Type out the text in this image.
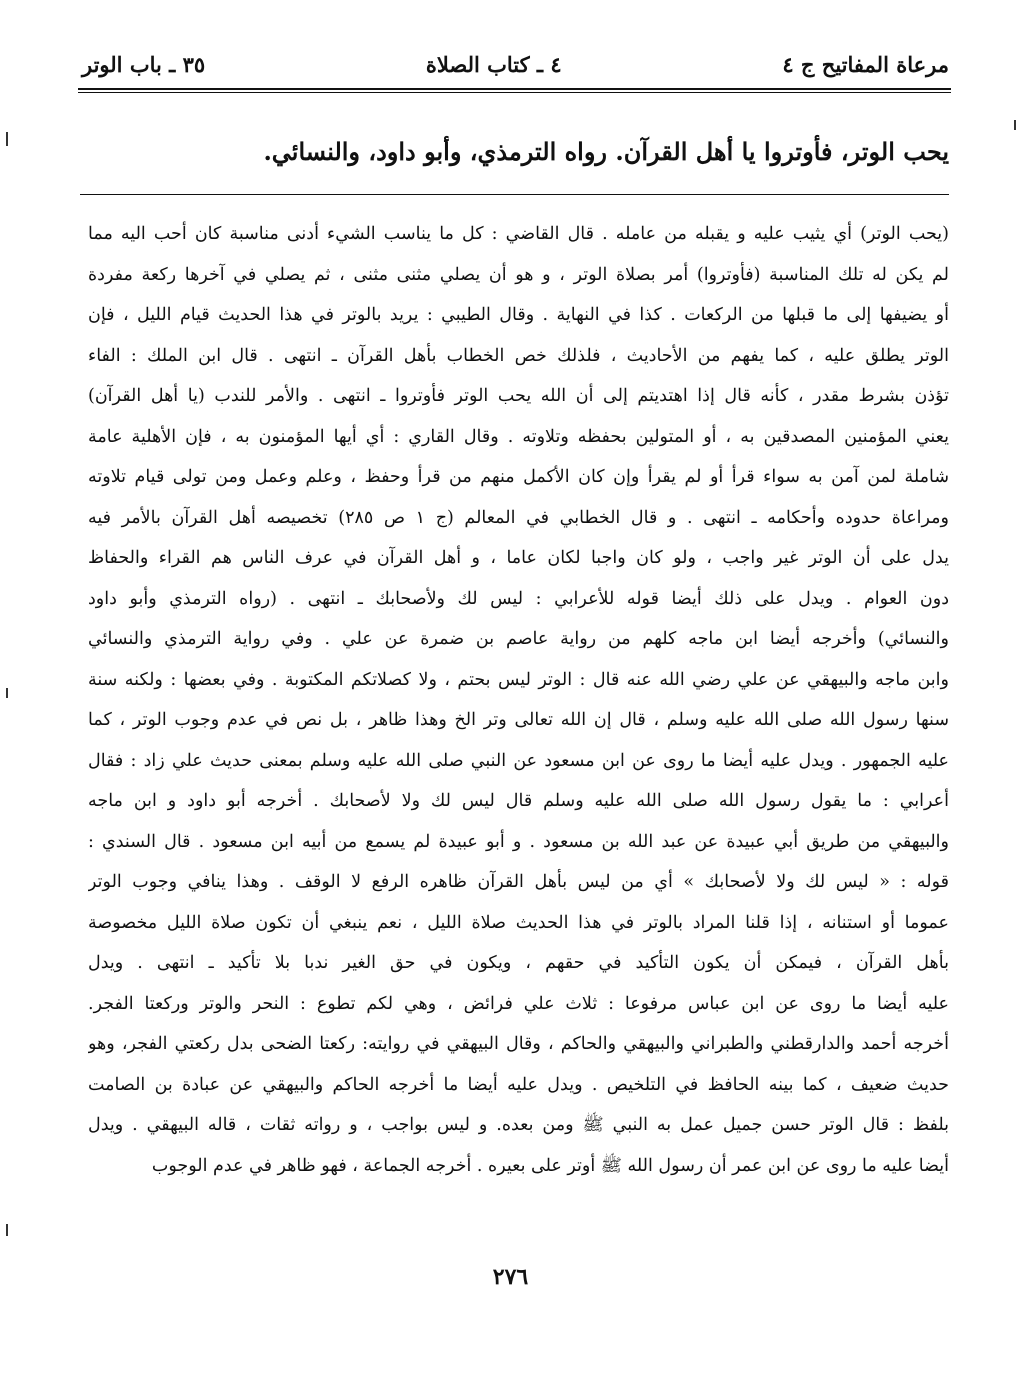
مرعاة المفاتيح ج ٤
٤ ـ كتاب الصلاة
٣٥ ـ باب الوتر
يحب الوتر، فأوتروا يا أهل القرآن. رواه الترمذي، وأبو داود، والنسائي.
(يحب الوتر) أي يثيب عليه و يقبله من عامله . قال القاضي : كل ما يناسب الشيء أدنى مناسبة كان أحب اليه مما
لم يكن له تلك المناسبة (فأوتروا) أمر بصلاة الوتر ، و هو أن يصلي مثنى مثنى ، ثم يصلي في آخرها ركعة مفردة
أو يضيفها إلى ما قبلها من الركعات . كذا في النهاية . وقال الطيبي : يريد بالوتر في هذا الحديث قيام الليل ، فإن
الوتر يطلق عليه ، كما يفهم من الأحاديث ، فلذلك خص الخطاب بأهل القرآن ـ انتهى . قال ابن الملك : الفاء
تؤذن بشرط مقدر ، كأنه قال إذا اهتديتم إلى أن الله يحب الوتر فأوتروا ـ انتهى . والأمر للندب (يا أهل القرآن)
يعني المؤمنين المصدقين به ، أو المتولين بحفظه وتلاوته . وقال القاري : أي أيها المؤمنون به ، فإن الأهلية عامة
شاملة لمن آمن به سواء قرأ أو لم يقرأ وإن كان الأكمل منهم من قرأ وحفظ ، وعلم وعمل ومن تولى قيام تلاوته
ومراعاة حدوده وأحكامه ـ انتهى . و قال الخطابي في المعالم (ج ١ ص ٢٨٥) تخصيصه أهل القرآن بالأمر فيه
يدل على أن الوتر غير واجب ، ولو كان واجبا لكان عاما ، و أهل القرآن في عرف الناس هم القراء والحفاظ
دون العوام . ويدل على ذلك أيضا قوله للأعرابي : ليس لك ولأصحابك ـ انتهى . (رواه الترمذي وأبو داود
والنسائي) وأخرجه أيضا ابن ماجه كلهم من رواية عاصم بن ضمرة عن علي . وفي رواية الترمذي والنسائي
وابن ماجه والبيهقي عن علي رضي الله عنه قال : الوتر ليس بحتم ، ولا كصلاتكم المكتوبة . وفي بعضها : ولكنه سنة
سنها رسول الله صلى الله عليه وسلم ، قال إن الله تعالى وتر الخ وهذا ظاهر ، بل نص في عدم وجوب الوتر ، كما
عليه الجمهور . ويدل عليه أيضا ما روى عن ابن مسعود عن النبي صلى الله عليه وسلم بمعنى حديث علي زاد : فقال
أعرابي : ما يقول رسول الله صلى الله عليه وسلم قال ليس لك ولا لأصحابك . أخرجه أبو داود و ابن ماجه
والبيهقي من طريق أبي عبيدة عن عبد الله بن مسعود . و أبو عبيدة لم يسمع من أبيه ابن مسعود . قال السندي :
قوله : « ليس لك ولا لأصحابك » أي من ليس بأهل القرآن ظاهره الرفع لا الوقف . وهذا ينافي وجوب الوتر
عموما أو استنانه ، إذا قلنا المراد بالوتر في هذا الحديث صلاة الليل ، نعم ينبغي أن تكون صلاة الليل مخصوصة
بأهل القرآن ، فيمكن أن يكون التأكيد في حقهم ، ويكون في حق الغير ندبا بلا تأكيد ـ انتهى . ويدل
عليه أيضا ما روى عن ابن عباس مرفوعا : ثلاث علي فرائض ، وهي لكم تطوع : النحر والوتر وركعتا الفجر.
أخرجه أحمد والدارقطني والطبراني والبيهقي والحاكم ، وقال البيهقي في روايته: ركعتا الضحى بدل ركعتي الفجر، وهو
حديث ضعيف ، كما بينه الحافظ في التلخيص . ويدل عليه أيضا ما أخرجه الحاكم والبيهقي عن عبادة بن الصامت
بلفظ : قال الوتر حسن جميل عمل به النبي ﷺ ومن بعده. و ليس بواجب ، و رواته ثقات ، قاله البيهقي . ويدل
أيضا عليه ما روى عن ابن عمر أن رسول الله ﷺ أوتر على بعيره . أخرجه الجماعة ، فهو ظاهر في عدم الوجوب
٢٧٦
